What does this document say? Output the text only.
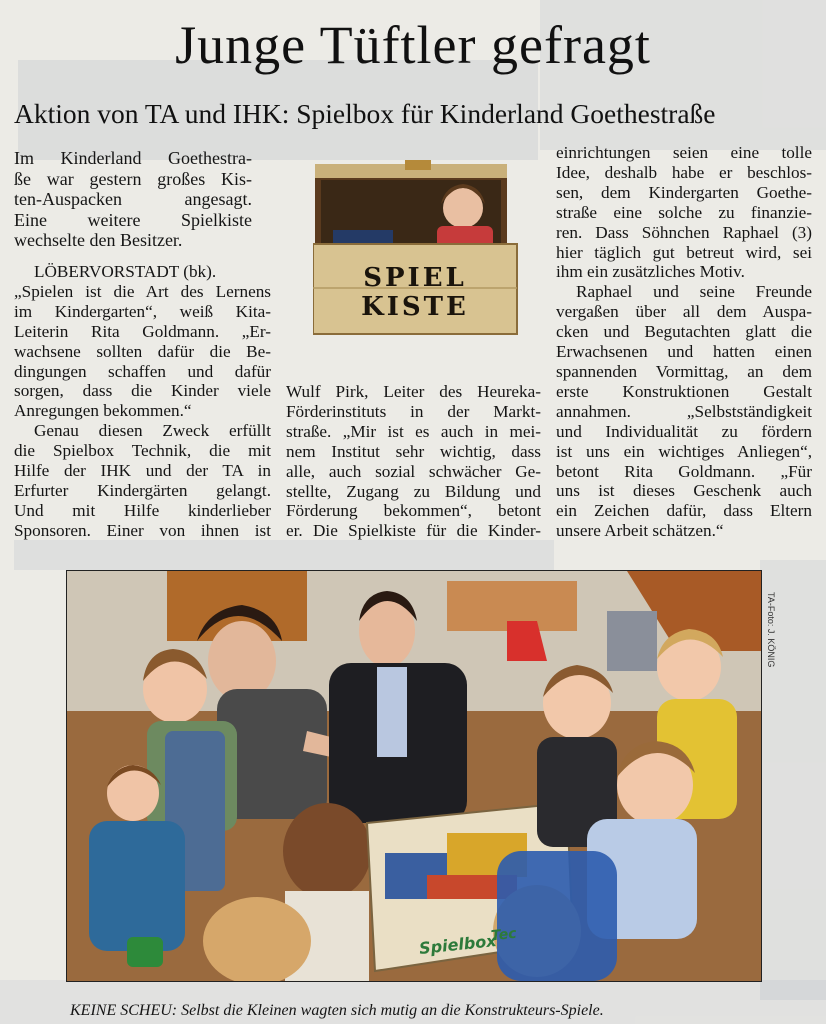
Junge Tüftler gefragt
Aktion von TA und IHK: Spielbox für Kinderland Goethestraße
Im Kinderland Goethestra-
ße war gestern großes Kis-
ten-Auspacken angesagt.
Eine weitere Spielkiste
wechselte den Besitzer.
LÖBERVORSTADT (bk).
„Spielen ist die Art des Lernens
im Kindergarten“, weiß Kita-
Leiterin Rita Goldmann. „Er-
wachsene sollten dafür die Be-
dingungen schaffen und dafür
sorgen, dass die Kinder viele
Anregungen bekommen.“
Genau diesen Zweck erfüllt
die Spielbox Technik, die mit
Hilfe der IHK und der TA in
Erfurter Kindergärten gelangt.
Und mit Hilfe kinderlieber
Sponsoren. Einer von ihnen ist
SPIEL
KISTE
Wulf Pirk, Leiter des Heureka-
Förderinstituts in der Markt-
straße. „Mir ist es auch in mei-
nem Institut sehr wichtig, dass
alle, auch sozial schwächer Ge-
stellte, Zugang zu Bildung und
Förderung bekommen“, betont
er. Die Spielkiste für die Kinder-
einrichtungen seien eine tolle
Idee, deshalb habe er beschlos-
sen, dem Kindergarten Goethe-
straße eine solche zu finanzie-
ren. Dass Söhnchen Raphael (3)
hier täglich gut betreut wird, sei
ihm ein zusätzliches Motiv.
Raphael und seine Freunde
vergaßen über all dem Auspa-
cken und Begutachten glatt die
Erwachsenen und hatten einen
spannenden Vormittag, an dem
erste Konstruktionen Gestalt
annahmen. „Selbstständigkeit
und Individualität zu fördern
ist uns ein wichtiges Anliegen“,
betont Rita Goldmann. „Für
uns ist dieses Geschenk auch
ein Zeichen dafür, dass Eltern
unsere Arbeit schätzen.“
Spielbox
Tec
TA-Foto: J. KÖNIG
KEINE SCHEU: Selbst die Kleinen wagten sich mutig an die Konstrukteurs-Spiele.
